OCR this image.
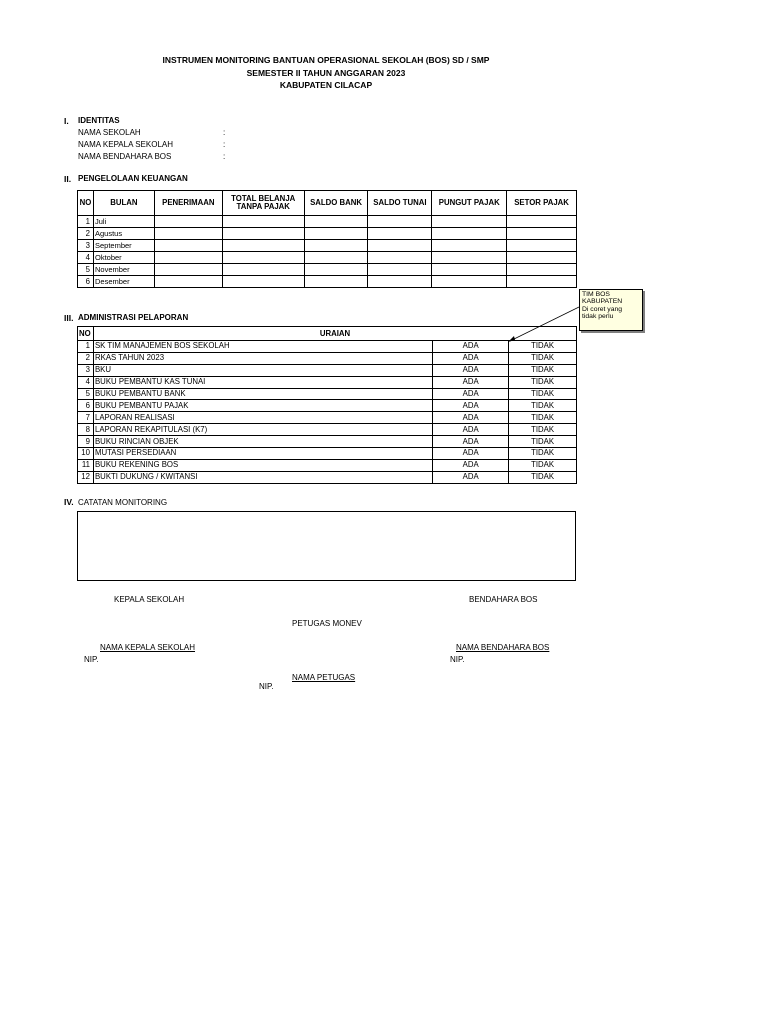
INSTRUMEN MONITORING BANTUAN OPERASIONAL SEKOLAH (BOS) SD / SMP
SEMESTER II TAHUN ANGGARAN 2023
KABUPATEN CILACAP
I. IDENTITAS
NAMA SEKOLAH	:
NAMA KEPALA SEKOLAH	:
NAMA BENDAHARA BOS	:
II. PENGELOLAAN KEUANGAN
NO	BULAN	PENERIMAAN	TOTAL BELANJA TANPA PAJAK	SALDO BANK	SALDO TUNAI	PUNGUT PAJAK	SETOR PAJAK
1	Juli						
2	Agustus						
3	September						
4	Oktober						
5	November						
6	Desember						
TIM BOS
KABUPATEN
Di coret yang
tidak perlu
III. ADMINISTRASI PELAPORAN
NO	URAIAN		
1	SK TIM MANAJEMEN BOS SEKOLAH	ADA	TIDAK
2	RKAS TAHUN 2023	ADA	TIDAK
3	BKU	ADA	TIDAK
4	BUKU PEMBANTU KAS TUNAI	ADA	TIDAK
5	BUKU PEMBANTU BANK	ADA	TIDAK
6	BUKU PEMBANTU PAJAK	ADA	TIDAK
7	LAPORAN REALISASI	ADA	TIDAK
8	LAPORAN REKAPITULASI (K7)	ADA	TIDAK
9	BUKU RINCIAN OBJEK	ADA	TIDAK
10	MUTASI PERSEDIAAN	ADA	TIDAK
11	BUKU REKENING BOS	ADA	TIDAK
12	BUKTI DUKUNG / KWITANSI	ADA	TIDAK
IV. CATATAN MONITORING
KEPALA SEKOLAH	BENDAHARA BOS
PETUGAS MONEV
NAMA KEPALA SEKOLAH
NIP.
NAMA BENDAHARA BOS
NIP.
NAMA PETUGAS
NIP.
